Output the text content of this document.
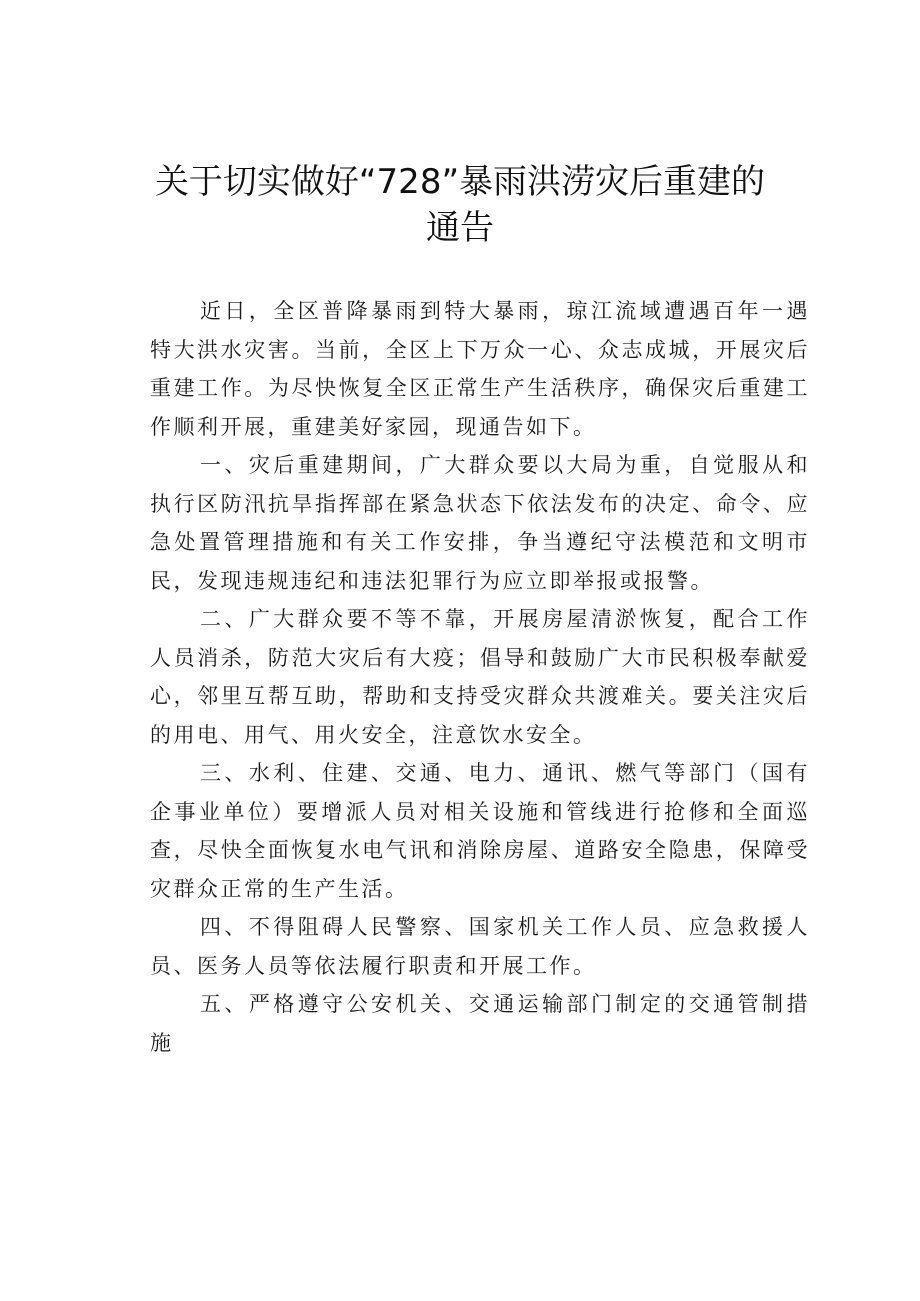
关于切实做好“728”暴雨洪涝灾后重建的
通告

近日，全区普降暴雨到特大暴雨，琼江流域遭遇百年一遇特大洪水灾害。当前，全区上下万众一心、众志成城，开展灾后重建工作。为尽快恢复全区正常生产生活秩序，确保灾后重建工作顺利开展，重建美好家园，现通告如下。

一、灾后重建期间，广大群众要以大局为重，自觉服从和执行区防汛抗旱指挥部在紧急状态下依法发布的决定、命令、应急处置管理措施和有关工作安排，争当遵纪守法模范和文明市民，发现违规违纪和违法犯罪行为应立即举报或报警。

二、广大群众要不等不靠，开展房屋清淤恢复，配合工作人员消杀，防范大灾后有大疫；倡导和鼓励广大市民积极奉献爱心，邻里互帮互助，帮助和支持受灾群众共渡难关。要关注灾后的用电、用气、用火安全，注意饮水安全。

三、水利、住建、交通、电力、通讯、燃气等部门（国有企事业单位）要增派人员对相关设施和管线进行抢修和全面巡查，尽快全面恢复水电气讯和消除房屋、道路安全隐患，保障受灾群众正常的生产生活。

四、不得阻碍人民警察、国家机关工作人员、应急救援人员、医务人员等依法履行职责和开展工作。

五、严格遵守公安机关、交通运输部门制定的交通管制措施
